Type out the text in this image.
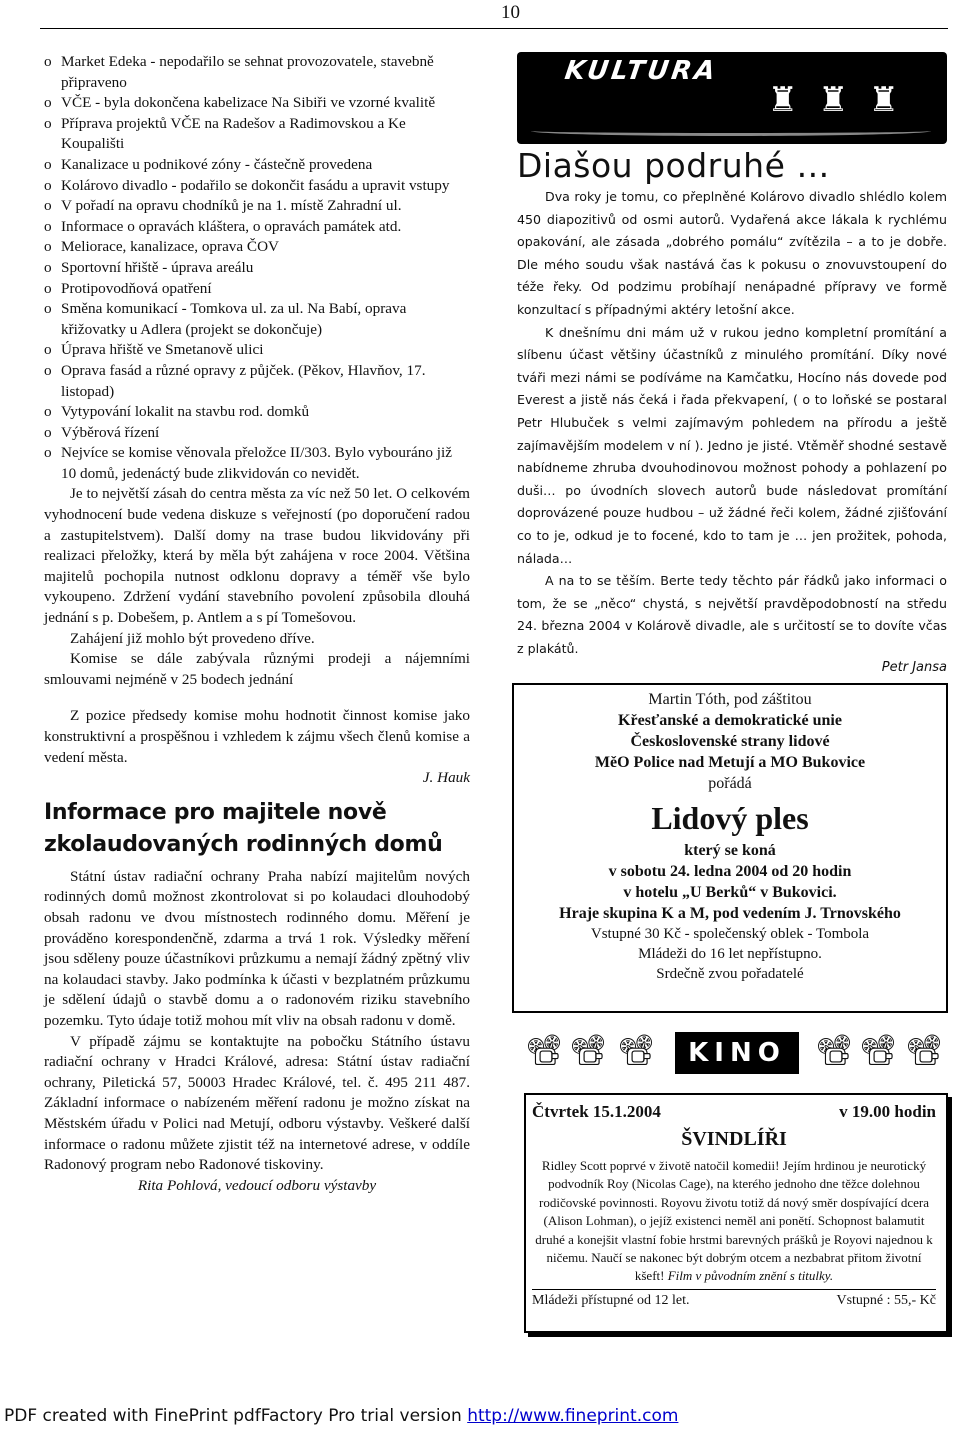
10
o Market Edeka - nepodařilo se sehnat provozovatele, stavebně připraveno
o VČE - byla dokončena kabelizace Na Sibiři ve vzorné kvalitě
o Příprava projektů VČE na Radešov a Radimovskou a Ke Koupališti
o Kanalizace u podnikové zóny - částečně provedena
o Kolárovo divadlo - podařilo se dokončit fasádu a upravit vstupy
o V pořadí na opravu chodníků je na 1. místě Zahradní ul.
o Informace o opravách kláštera, o opravách památek atd.
o Meliorace, kanalizace, oprava ČOV
o Sportovní hřiště - úprava areálu
o Protipovodňová opatření
o Směna komunikací - Tomkova ul. za ul. Na Babí, oprava křižovatky u Adlera (projekt se dokončuje)
o Úprava hřiště ve Smetanově ulici
o Oprava fasád a různé opravy z půjček. (Pěkov, Hlavňov, 17. listopad)
o Vytypování lokalit na stavbu rod. domků
o Výběrová řízení
o Nejvíce se komise věnovala přeložce II/303. Bylo vybouráno již 10 domů, jedenáctý bude zlikvidován co nevidět.

Je to největší zásah do centra města za víc než 50 let. O celkovém vyhodnocení bude vedena diskuze s veřejností (po doporučení radou a zastupitelstvem). Další domy na trase budou likvidovány při realizaci přeložky, která by měla být zahájena v roce 2004. Většina majitelů pochopila nutnost odklonu dopravy a téměř vše bylo vykoupeno. Zdržení vydání stavebního povolení způsobila dlouhá jednání s p. Dobešem, p. Antlem a s pí Tomešovou.

Zahájení již mohlo být provedeno dříve.

Komise se dále zabývala různými prodeji a nájemními smlouvami nejméně v 25 bodech jednání

Z pozice předsedy komise mohu hodnotit činnost komise jako konstruktivní a prospěšnou i vzhledem k zájmu všech členů komise a vedení města.

J. Hauk
Informace pro majitele nově zkolaudovaných rodinných domů

Státní ústav radiační ochrany Praha nabízí majitelům nových rodinných domů možnost zkontrolovat si po kolaudaci dlouhodobý obsah radonu ve dvou místnostech rodinného domu. Měření je prováděno korespondenčně, zdarma a trvá 1 rok. Výsledky měření jsou sděleny pouze účastníkovi průzkumu a nemají žádný zpětný vliv na kolaudaci stavby. Jako podmínka k účasti v bezplatném průzkumu je sdělení údajů o stavbě domu a o radonovém riziku stavebního pozemku. Tyto údaje totiž mohou mít vliv na obsah radonu v domě.

V případě zájmu se kontaktujte na pobočku Státního ústavu radiační ochrany v Hradci Králové, adresa: Státní ústav radiační ochrany, Piletická 57, 50003 Hradec Králové, tel. č. 495 211 487. Základní informace o nabízeném měření radonu je možno získat na Městském úřadu v Polici nad Metují, odboru výstavby. Veškeré další informace o radonu můžete zjistit též na internetové adrese, v oddíle Radonový program nebo Radonové tiskoviny.

Rita Pohlová, vedoucí odboru výstavby
KULTURA
♜♜♜
Diašou podruhé …

Dva roky je tomu, co přeplněné Kolárovo divadlo shlédlo kolem 450 diapozitivů od osmi autorů. Vydařená akce lákala k rychlému opakování, ale zásada „dobrého pomálu“ zvítězila – a to je dobře. Dle mého soudu však nastává čas k pokusu o znovuvstoupení do téže řeky. Od podzimu probíhají nenápadné přípravy ve formě konzultací s případnými aktéry letošní akce.

K dnešnímu dni mám už v rukou jedno kompletní promítání a slíbenu účast většiny účastníků z minulého promítání. Díky nové tváři mezi námi se podíváme na Kamčatku, Hocíno nás dovede pod Everest a jistě nás čeká i řada překvapení, ( o to loňské se postaral Petr Hlubuček s velmi zajímavým pohledem na přírodu a ještě zajímavějším modelem v ní ). Jedno je jisté. Vtěměř shodné sestavě nabídneme zhruba dvouhodinovou možnost pohody a pohlazení po duši… po úvodních slovech autorů bude následovat promítání doprovázené pouze hudbou – už žádné řeči kolem, žádné zjišťování co to je, odkud je to focené, kdo to tam je … jen prožitek, pohoda, nálada…

A na to se těším. Berte tedy těchto pár řádků jako informaci o tom, že se „něco“ chystá, s největší pravděpodobností na středu 24. března 2004 v Kolárově divadle, ale s určitostí se to dovíte včas z plakátů.

Petr Jansa
Martin Tóth, pod záštitou
Křesťanské a demokratické unie
Československé strany lidové
MěO Police nad Metují a MO Bukovice
pořádá
Lidový ples
který se koná
v sobotu 24. ledna 2004 od 20 hodin
v hotelu „U Berků“ v Bukovici.
Hraje skupina K a M, pod vedením J. Trnovského
Vstupné 30 Kč - společenský oblek - Tombola
Mládeži do 16 let nepřístupno.
Srdečně zvou pořadatelé
📽 📽 📽	KINO 📽 📽 📽
Čtvrtek 15.1.2004	v 19.00 hodin
ŠVINDLÍŘI
Ridley Scott poprvé v životě natočil komedii! Jejím hrdinou je neurotický podvodník Roy (Nicolas Cage), na kterého jednoho dne těžce dolehnou rodičovské povinnosti. Royovu životu totiž dá nový směr dospívající dcera (Alison Lohman), o jejíž existenci neměl ani ponětí. Schopnost balamutit druhé a konejšit vlastní fobie hrstmi barevných prášků je Royovi najednou k ničemu. Naučí se nakonec být dobrým otcem a nezbabrat přitom životní kšeft! Film v původním znění s titulky.
Mládeži přístupné od 12 let.	Vstupné : 55,- Kč
PDF created with FinePrint pdfFactory Pro trial version http://www.fineprint.com
